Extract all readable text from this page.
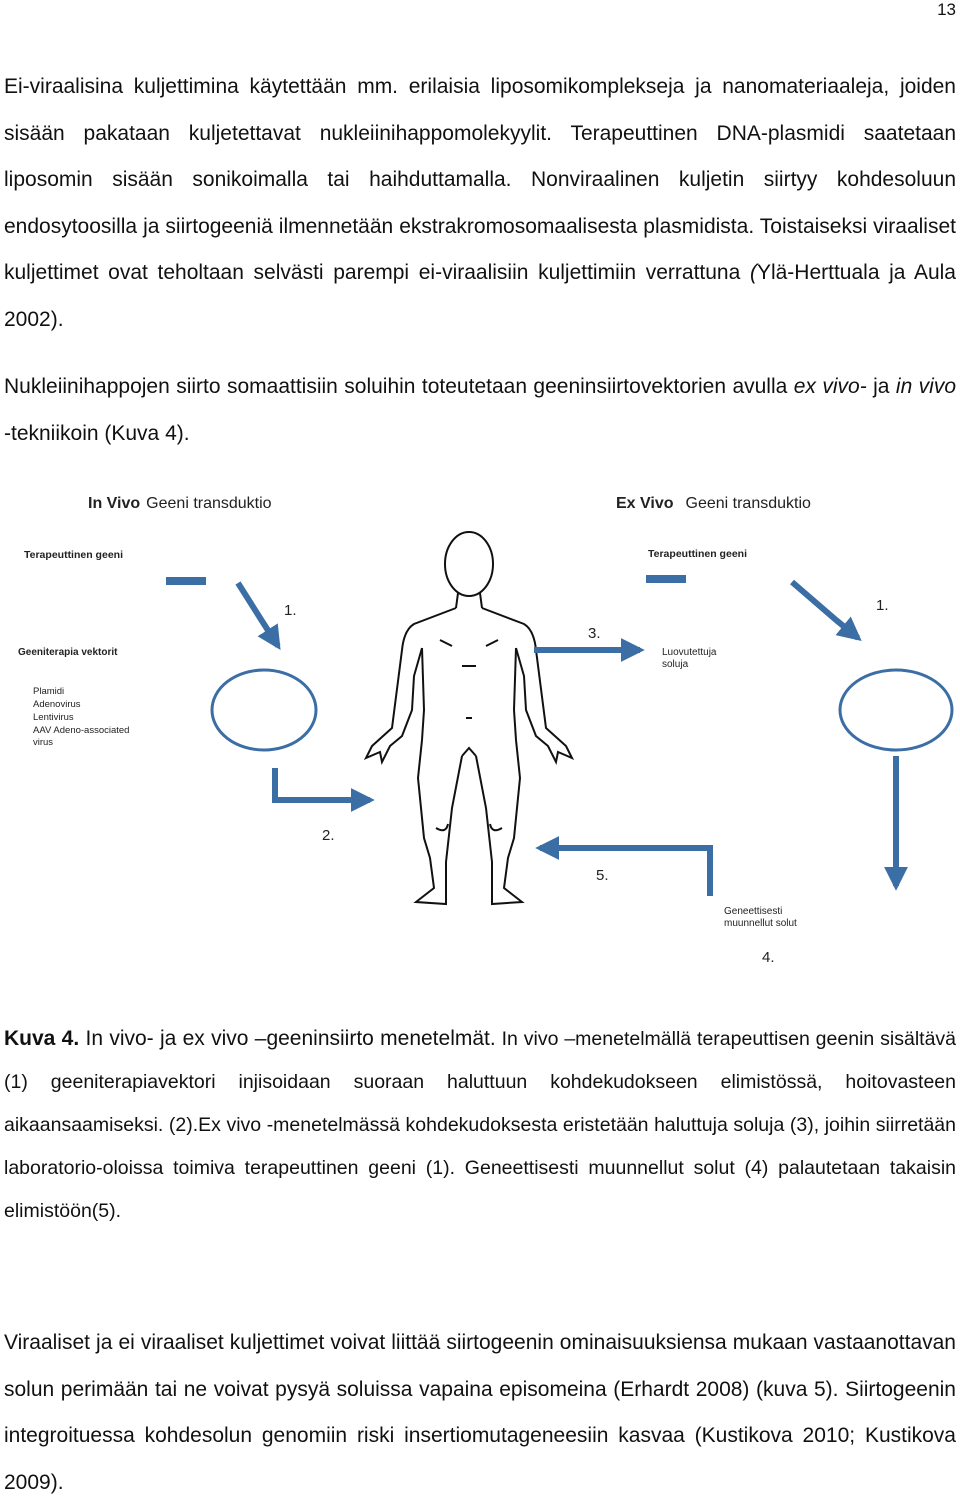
13
Ei-viraalisina kuljettimina käytettään mm. erilaisia liposomikomplekseja ja nanomateriaaleja, joiden sisään pakataan kuljetettavat nukleiinihappomolekyylit. Terapeuttinen DNA-plasmidi saatetaan liposomin sisään sonikoimalla tai haihduttamalla. Nonviraalinen kuljetin siirtyy kohdesoluun endosytoosilla ja siirtogeeniä ilmennetään ekstrakromosomaalisesta plasmidista. Toistaiseksi viraaliset kuljettimet ovat teholtaan selvästi parempi ei-viraalisiin kuljettimiin verrattuna (Ylä-Herttuala ja Aula 2002).
Nukleiinihappojen siirto somaattisiin soluihin toteutetaan geeninsiirtovektorien avulla ex vivo- ja in vivo -tekniikoin (Kuva 4).
In Vivo Geeni transduktio	Ex Vivo Geeni transduktio
Terapeuttinen geeni
Geeniterapia vektorit
Plamidi
Adenovirus
Lentivirus
AAV Adeno-associated
virus
1.
2.
3.
Terapeuttinen geeni
1.
Luovutettuja soluja
Geneettisesti muunnellut solut
4.
5.
Kuva 4. In vivo- ja ex vivo –geeninsiirto menetelmät. In vivo –menetelmällä terapeuttisen geenin sisältävä (1) geeniterapiavektori injisoidaan suoraan haluttuun kohdekudokseen elimistössä, hoitovasteen aikaansaamiseksi. (2).Ex vivo -menetelmässä kohdekudoksesta eristetään haluttuja soluja (3), joihin siirretään laboratorio-oloissa toimiva terapeuttinen geeni (1). Geneettisesti muunnellut solut (4) palautetaan takaisin elimistöön(5).
Viraaliset ja ei viraaliset kuljettimet voivat liittää siirtogeenin ominaisuuksiensa mukaan vastaanottavan solun perimään tai ne voivat pysyä soluissa vapaina episomeina (Erhardt 2008) (kuva 5). Siirtogeenin integroituessa kohdesolun genomiin riski insertiomutageneesiin kasvaa (Kustikova 2010; Kustikova 2009).
